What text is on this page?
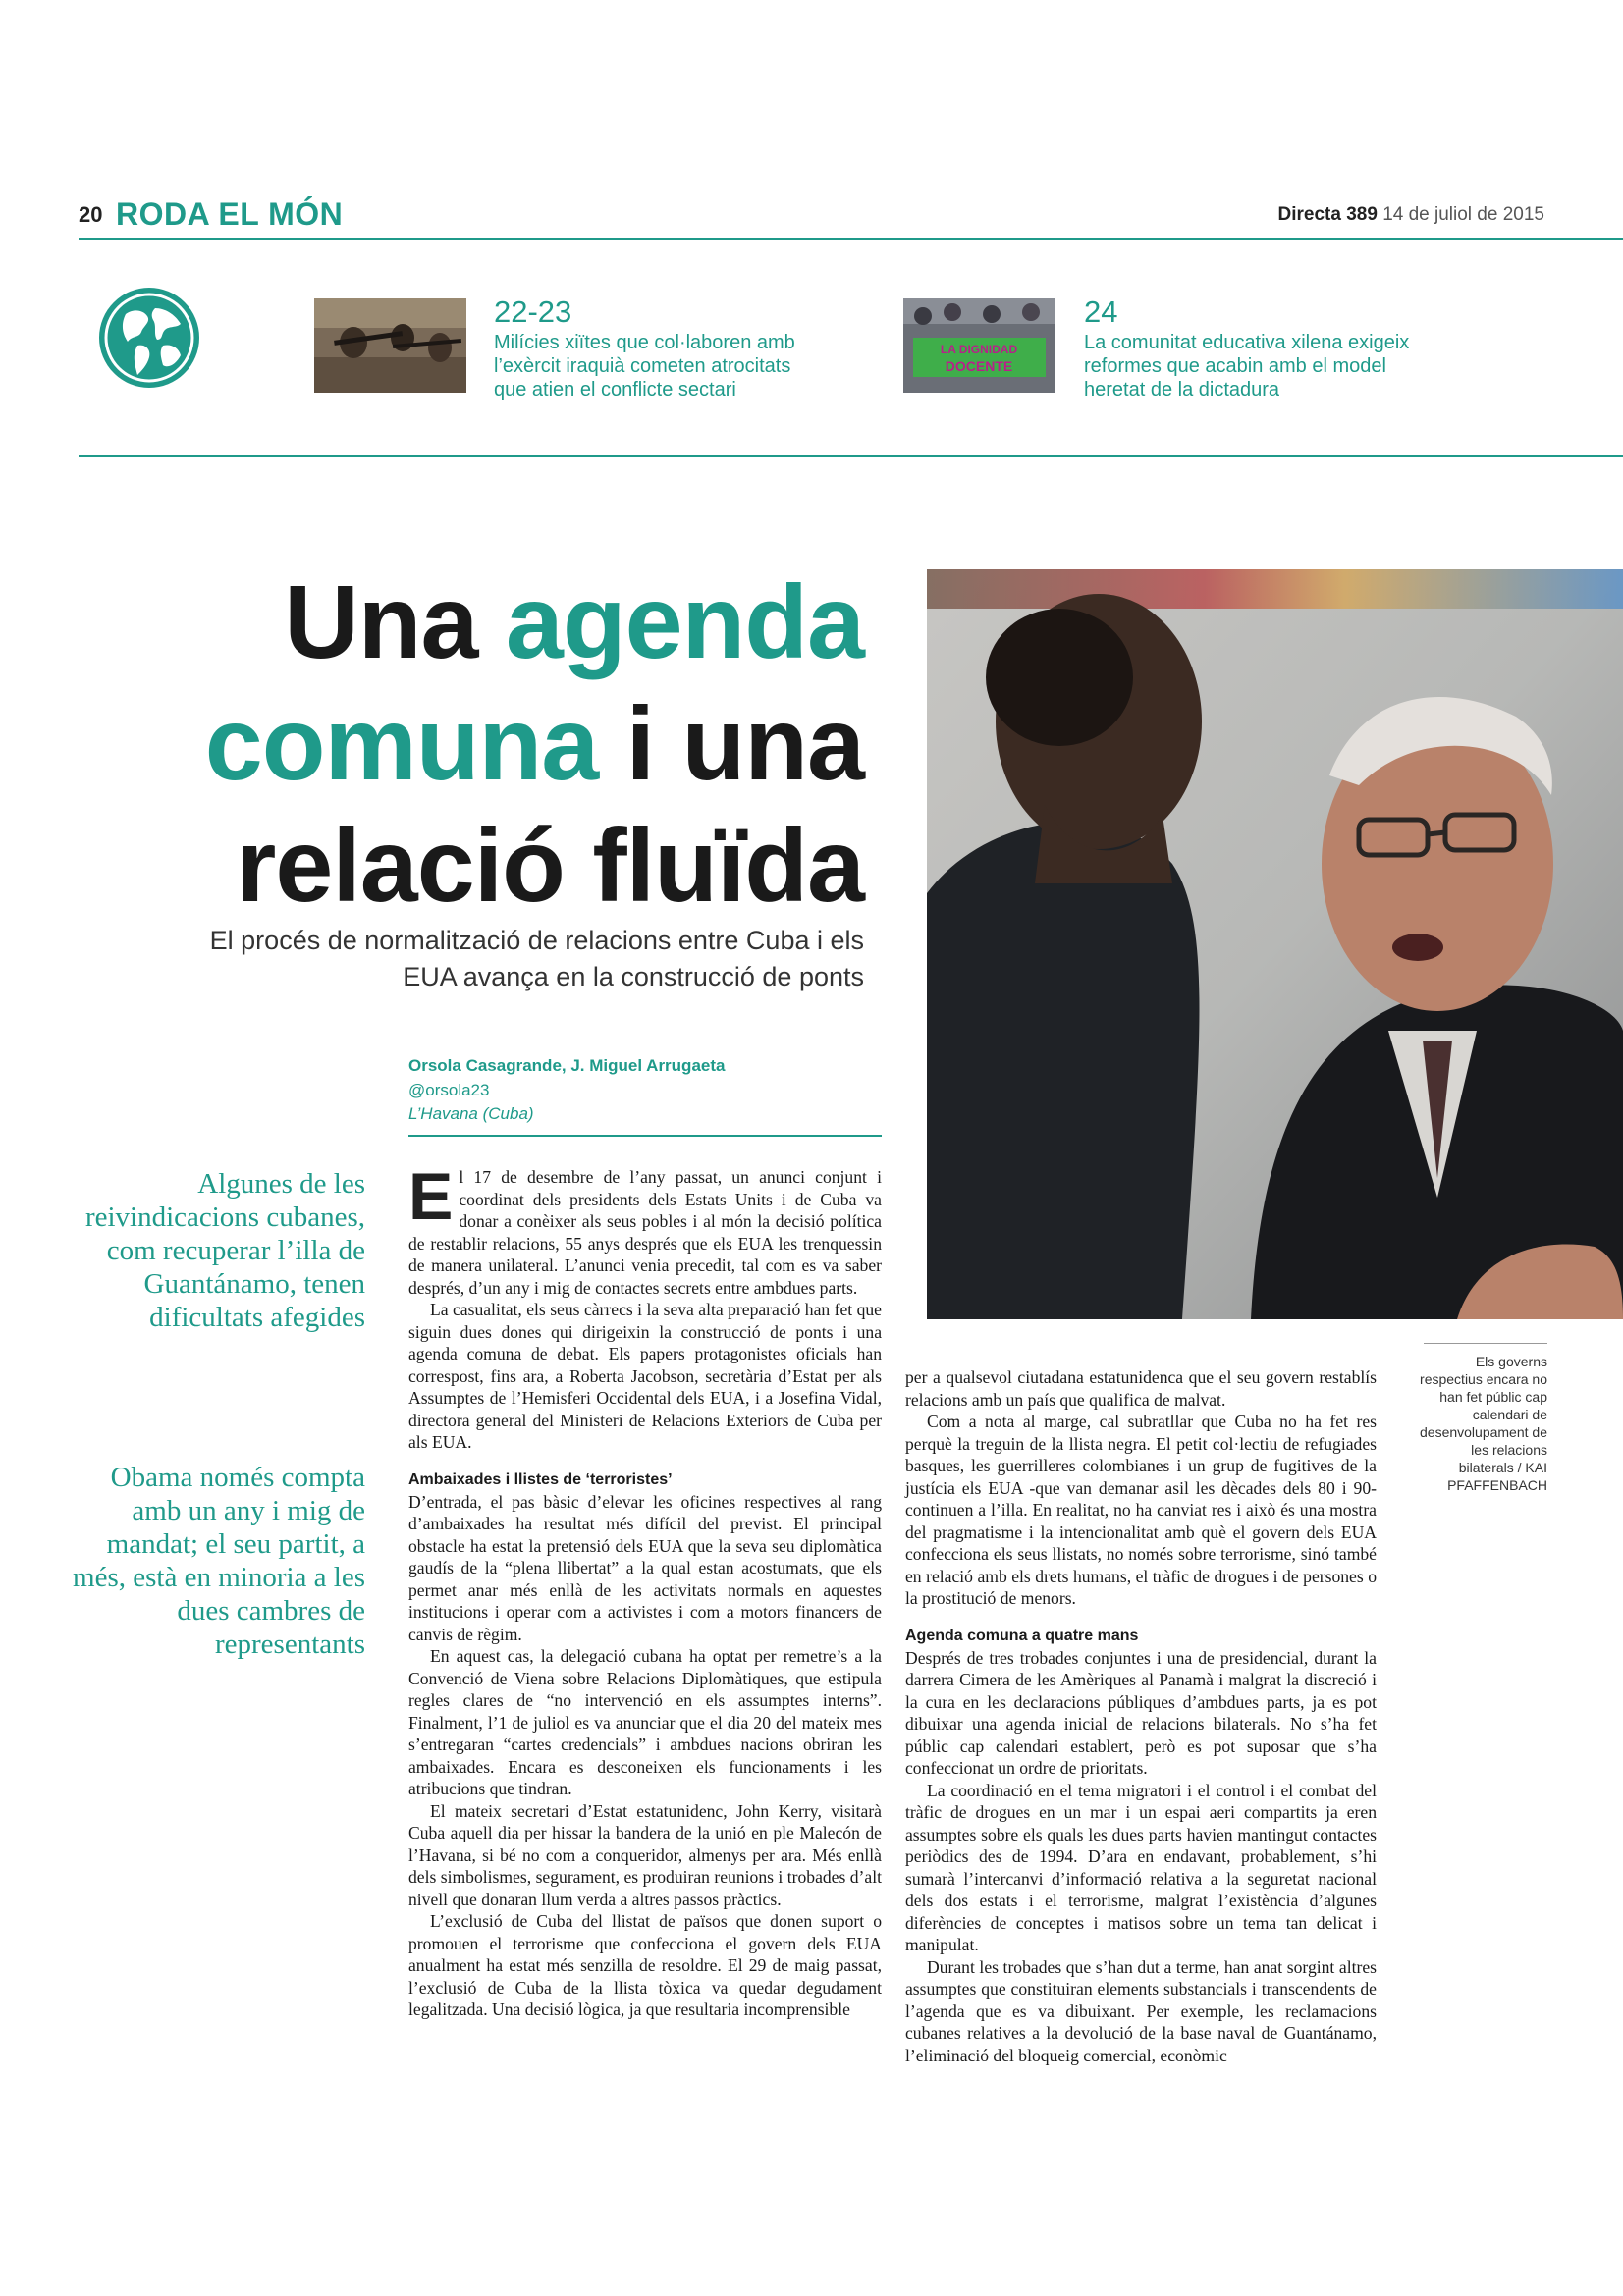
20 RODA EL MÓN	Directa 389 14 de juliol de 2015
22-23
Milícies xiïtes que col·laboren amb l’exèrcit iraquià cometen atrocitats que atien el conflicte sectari
LA DIGNIDAD
DOCENTE
24
La comunitat educativa xilena exigeix reformes que acabin amb el model heretat de la dictadura
Una agenda
comuna i una
relació fluïda
El procés de normalització de relacions entre Cuba i els EUA avança en la construcció de ponts
Orsola Casagrande, J. Miguel Arrugaeta
@orsola23
L’Havana (Cuba)
Els governs respectius encara no han fet públic cap calendari de desenvolupament de les relacions bilaterals / KAI PFAFFENBACH
Algunes de les reivindicacions cubanes, com recuperar l’illa de Guantánamo, tenen dificultats afegides
Obama només compta amb un any i mig de mandat; el seu partit, a més, està en minoria a les dues cambres de representants

El 17 de desembre de l’any passat, un anunci conjunt i coordinat dels presidents dels Estats Units i de Cuba va donar a conèixer als seus pobles i al món la decisió política de restablir relacions, 55 anys després que els EUA les trenquessin de manera unilateral. L’anunci venia precedit, tal com es va saber després, d’un any i mig de contactes secrets entre ambdues parts.

La casualitat, els seus càrrecs i la seva alta preparació han fet que siguin dues dones qui dirigeixin la construcció de ponts i una agenda comuna de debat. Els papers protagonistes oficials han correspost, fins ara, a Roberta Jacobson, secretària d’Estat per als Assumptes de l’Hemisferi Occidental dels EUA, i a Josefina Vidal, directora general del Ministeri de Relacions Exteriors de Cuba per als EUA.

Ambaixades i llistes de ‘terroristes’

D’entrada, el pas bàsic d’elevar les oficines respectives al rang d’ambaixades ha resultat més difícil del previst. El principal obstacle ha estat la pretensió dels EUA que la seva seu diplomàtica gaudís de la “plena llibertat” a la qual estan acostumats, que els permet anar més enllà de les activitats normals en aquestes institucions i operar com a activistes i com a motors financers de canvis de règim.

En aquest cas, la delegació cubana ha optat per remetre’s a la Convenció de Viena sobre Relacions Diplomàtiques, que estipula regles clares de “no intervenció en els assumptes interns”. Finalment, l’1 de juliol es va anunciar que el dia 20 del mateix mes s’entregaran “cartes credencials” i ambdues nacions obriran les ambaixades. Encara es desconeixen els funcionaments i les atribucions que tindran.

El mateix secretari d’Estat estatunidenc, John Kerry, visitarà Cuba aquell dia per hissar la bandera de la unió en ple Malecón de l’Havana, si bé no com a conqueridor, almenys per ara. Més enllà dels simbolismes, segurament, es produiran reunions i trobades d’alt nivell que donaran llum verda a altres passos pràctics.

L’exclusió de Cuba del llistat de països que donen suport o promouen el terrorisme que confecciona el govern dels EUA anualment ha estat més senzilla de resoldre. El 29 de maig passat, l’exclusió de Cuba de la llista tòxica va quedar degudament legalitzada. Una decisió lògica, ja que resultaria incomprensible

per a qualsevol ciutadana estatunidenca que el seu govern restablís relacions amb un país que qualifica de malvat.

Com a nota al marge, cal subratllar que Cuba no ha fet res perquè la treguin de la llista negra. El petit col·lectiu de refugiades basques, les guerrilleres colombianes i un grup de fugitives de la justícia els EUA -que van demanar asil les dècades dels 80 i 90- continuen a l’illa. En realitat, no ha canviat res i això és una mostra del pragmatisme i la intencionalitat amb què el govern dels EUA confecciona els seus llistats, no només sobre terrorisme, sinó també en relació amb els drets humans, el tràfic de drogues i de persones o la prostitució de menors.

Agenda comuna a quatre mans

Després de tres trobades conjuntes i una de presidencial, durant la darrera Cimera de les Amèriques al Panamà i malgrat la discreció i la cura en les declaracions públiques d’ambdues parts, ja es pot dibuixar una agenda inicial de relacions bilaterals. No s’ha fet públic cap calendari establert, però es pot suposar que s’ha confeccionat un ordre de prioritats.

La coordinació en el tema migratori i el control i el combat del tràfic de drogues en un mar i un espai aeri compartits ja eren assumptes sobre els quals les dues parts havien mantingut contactes periòdics des de 1994. D’ara en endavant, probablement, s’hi sumarà l’intercanvi d’informació relativa a la seguretat nacional dels dos estats i el terrorisme, malgrat l’existència d’algunes diferències de conceptes i matisos sobre un tema tan delicat i manipulat.

Durant les trobades que s’han dut a terme, han anat sorgint altres assumptes que constituiran elements substancials i transcendents de l’agenda que es va dibuixant. Per exemple, les reclamacions cubanes relatives a la devolució de la base naval de Guantánamo, l’eliminació del bloqueig comercial, econòmic
